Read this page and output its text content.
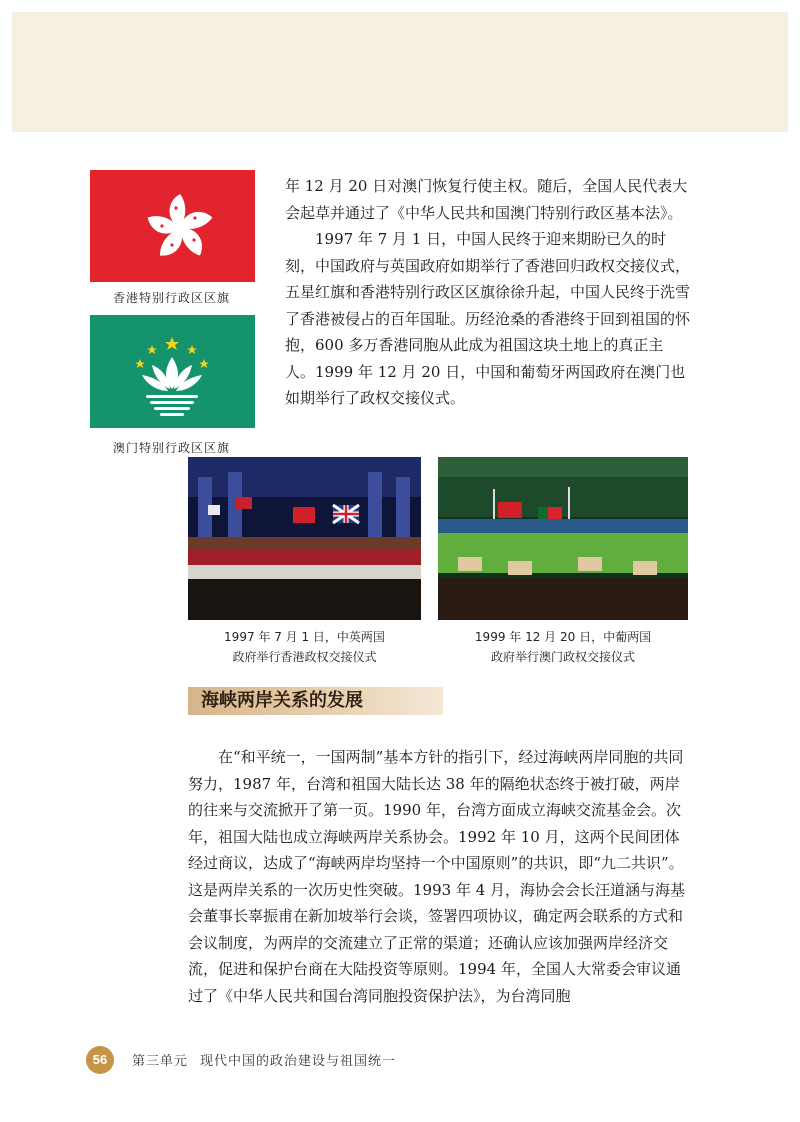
香港特别行政区区旗
澳门特别行政区区旗

年 12 月 20 日对澳门恢复行使主权。随后，全国人民代表大会起草并通过了《中华人民共和国澳门特别行政区基本法》。

1997 年 7 月 1 日，中国人民终于迎来期盼已久的时刻，中国政府与英国政府如期举行了香港回归政权交接仪式，五星红旗和香港特别行政区区旗徐徐升起，中国人民终于洗雪了香港被侵占的百年国耻。历经沧桑的香港终于回到祖国的怀抱，600 多万香港同胞从此成为祖国这块土地上的真正主人。1999 年 12 月 20 日，中国和葡萄牙两国政府在澳门也如期举行了政权交接仪式。

1997 年 7 月 1 日，中英两国
政府举行香港政权交接仪式
1999 年 12 月 20 日，中葡两国
政府举行澳门政权交接仪式
海峡两岸关系的发展

在“和平统一，一国两制”基本方针的指引下，经过海峡两岸同胞的共同努力，1987 年，台湾和祖国大陆长达 38 年的隔绝状态终于被打破，两岸的往来与交流掀开了第一页。1990 年，台湾方面成立海峡交流基金会。次年，祖国大陆也成立海峡两岸关系协会。1992 年 10 月，这两个民间团体经过商议，达成了“海峡两岸均坚持一个中国原则”的共识，即“九二共识”。这是两岸关系的一次历史性突破。1993 年 4 月，海协会会长汪道涵与海基会董事长辜振甫在新加坡举行会谈，签署四项协议，确定两会联系的方式和会议制度，为两岸的交流建立了正常的渠道；还确认应该加强两岸经济交流，促进和保护台商在大陆投资等原则。1994 年，全国人大常委会审议通过了《中华人民共和国台湾同胞投资保护法》，为台湾同胞

56	第三单元 现代中国的政治建设与祖国统一
